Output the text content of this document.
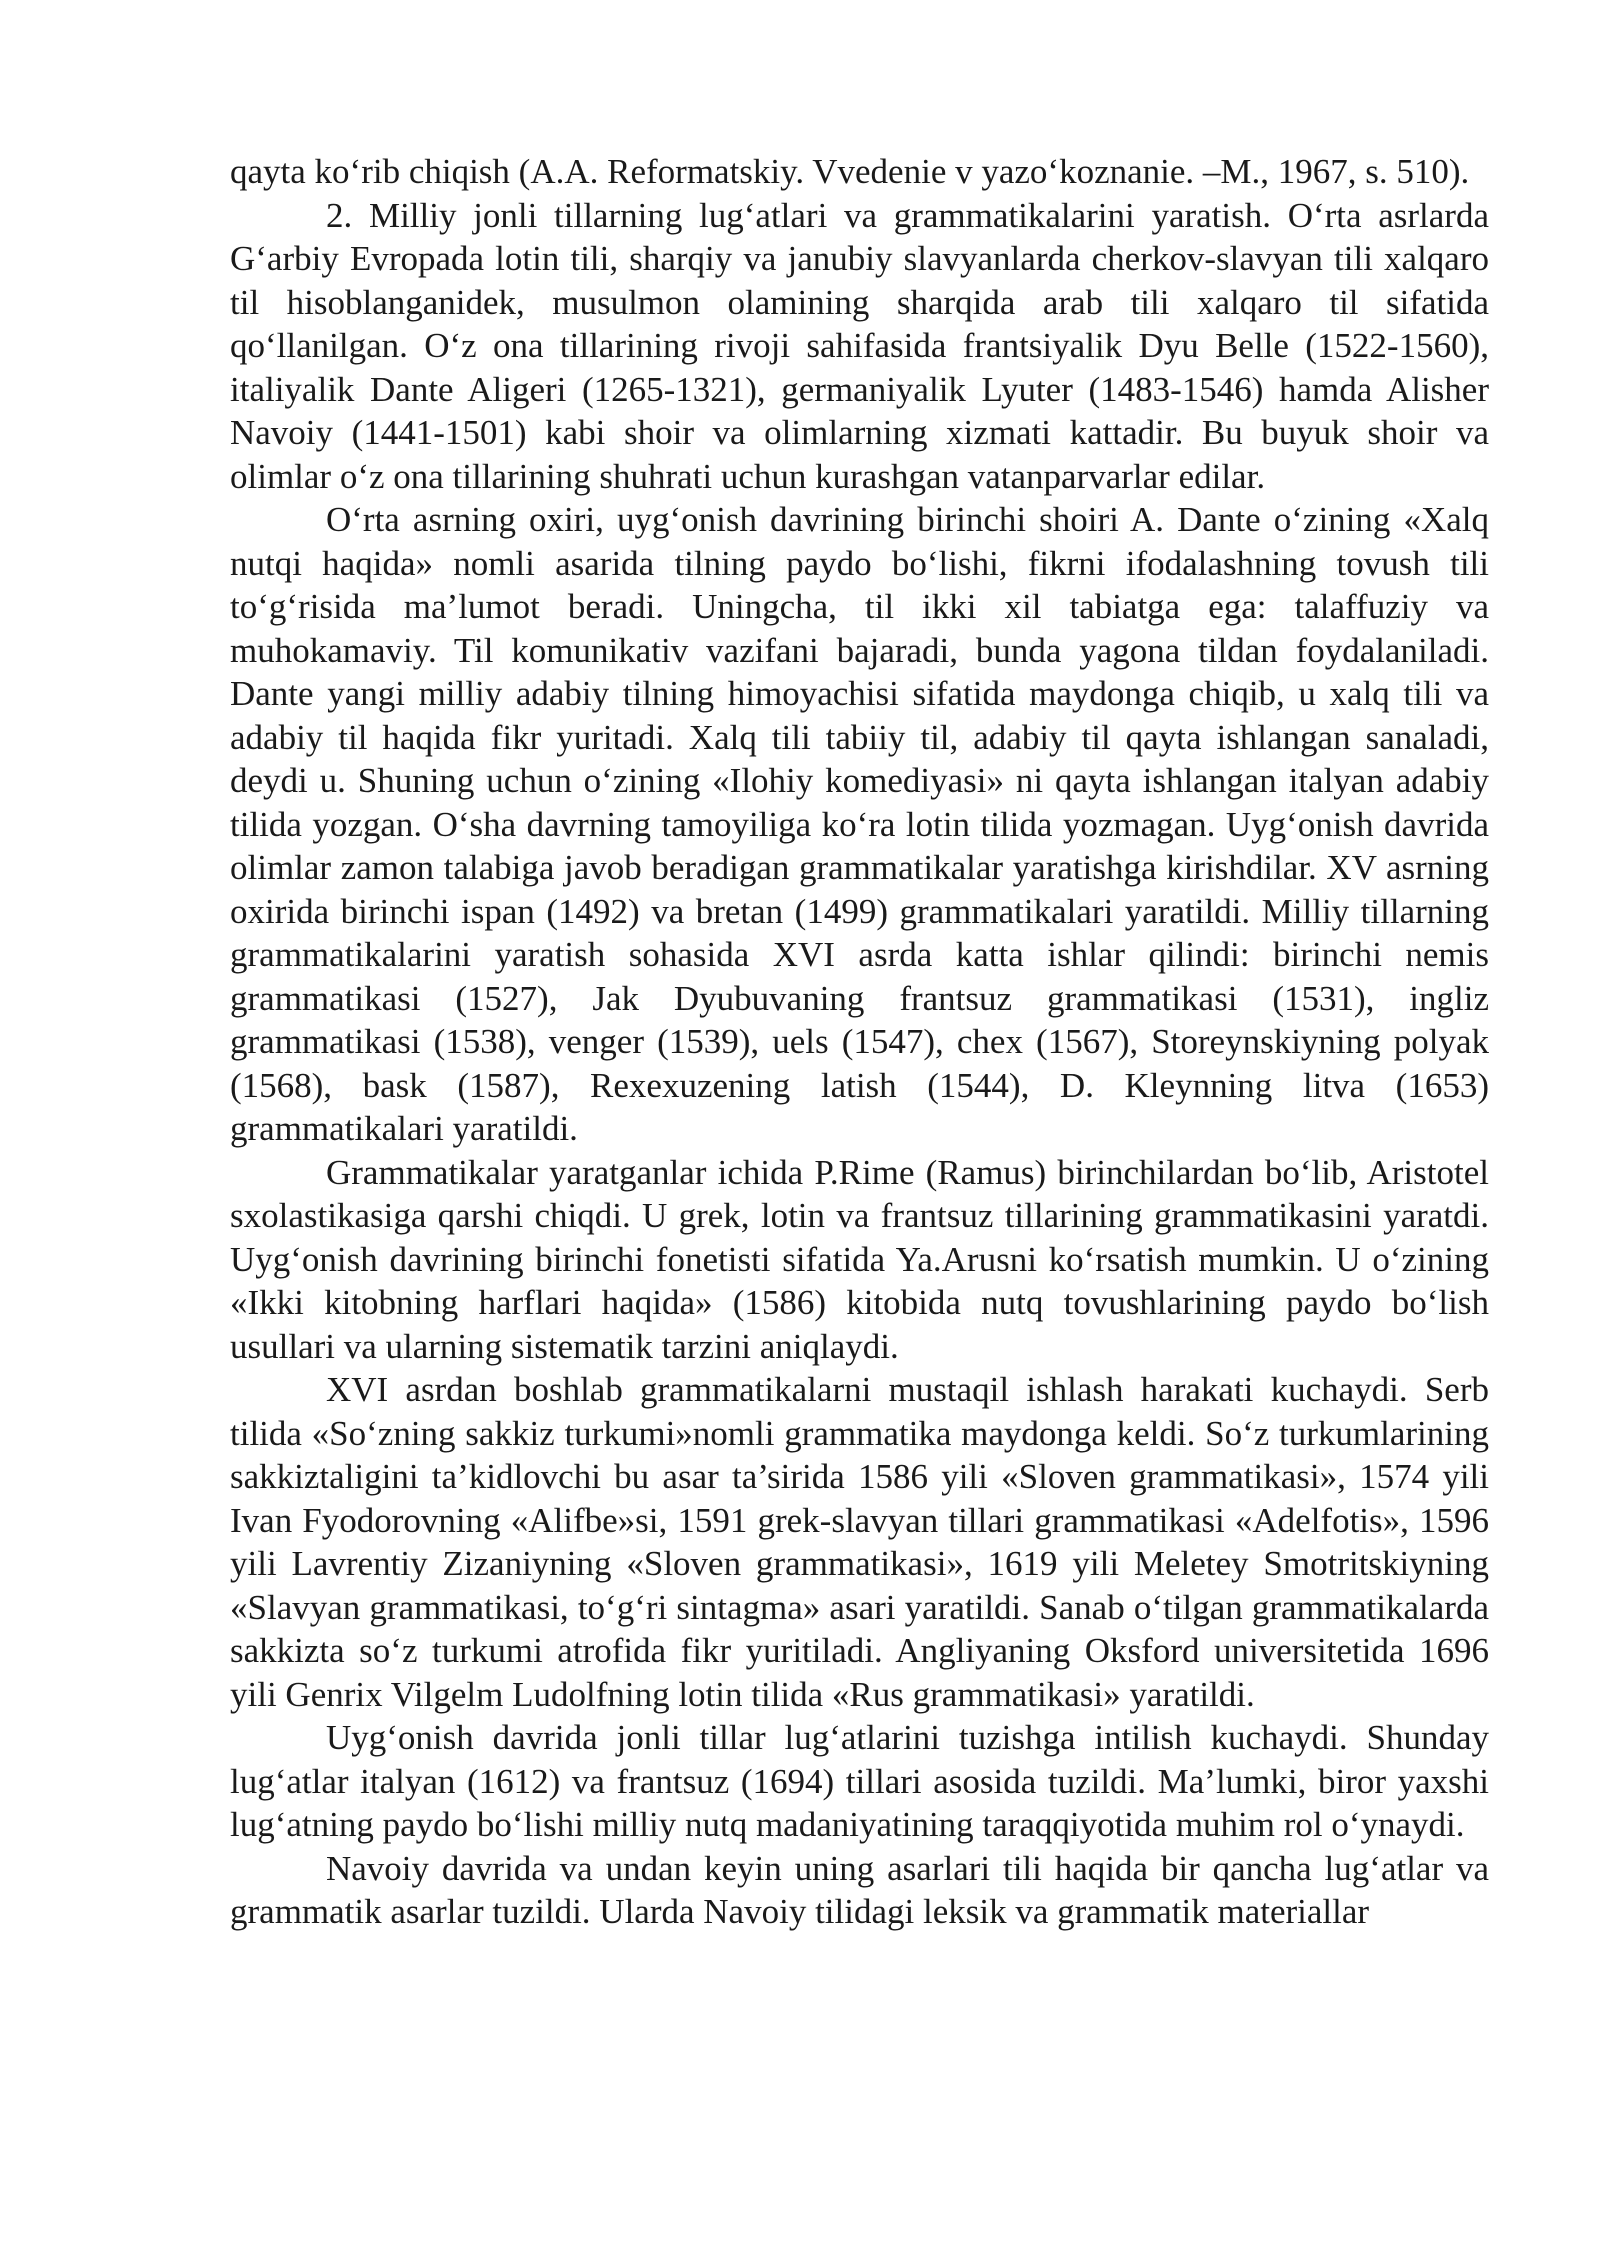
qayta ko‘rib chiqish (A.A. Reformatskiy. Vvedenie v yazo‘koznanie. –M., 1967, s. 510).

2. Milliy jonli tillarning lug‘atlari va grammatikalarini yaratish. O‘rta asrlarda G‘arbiy Evropada lotin tili, sharqiy va janubiy slavyanlarda cherkov-slavyan tili xalqaro til hisoblanganidek, musulmon olamining sharqida arab tili xalqaro til sifatida qo‘llanilgan. O‘z ona tillarining rivoji sahifasida frantsiyalik Dyu Belle (1522-1560), italiyalik Dante Aligeri (1265-1321), germaniyalik Lyuter (1483-1546) hamda Alisher Navoiy (1441-1501) kabi shoir va olimlarning xizmati kattadir. Bu buyuk shoir va olimlar o‘z ona tillarining shuhrati uchun kurashgan vatanparvarlar edilar.

O‘rta asrning oxiri, uyg‘onish davrining birinchi shoiri A. Dante o‘zining «Xalq nutqi haqida» nomli asarida tilning paydo bo‘lishi, fikrni ifodalashning tovush tili to‘g‘risida ma’lumot beradi. Uningcha, til ikki xil tabiatga ega: talaffuziy va muhokamaviy. Til komunikativ vazifani bajaradi, bunda yagona tildan foydalaniladi. Dante yangi milliy adabiy tilning himoyachisi sifatida maydonga chiqib, u xalq tili va adabiy til haqida fikr yuritadi. Xalq tili tabiiy til, adabiy til qayta ishlangan sanaladi, deydi u. Shuning uchun o‘zining «Ilohiy komediyasi» ni qayta ishlangan italyan adabiy tilida yozgan. O‘sha davrning tamoyiliga ko‘ra lotin tilida yozmagan. Uyg‘onish davrida olimlar zamon talabiga javob beradigan grammatikalar yaratishga kirishdilar. XV asrning oxirida birinchi ispan (1492) va bretan (1499) grammatikalari yaratildi. Milliy tillarning grammatikalarini yaratish sohasida XVI asrda katta ishlar qilindi: birinchi nemis grammatikasi (1527), Jak Dyubuvaning frantsuz grammatikasi (1531), ingliz grammatikasi (1538), venger (1539), uels (1547), chex (1567), Storeynskiyning polyak (1568), bask (1587), Rexexuzening latish (1544), D. Kleynning litva (1653) grammatikalari yaratildi.

Grammatikalar yaratganlar ichida P.Rime (Ramus) birinchilardan bo‘lib, Aristotel sxolastikasiga qarshi chiqdi. U grek, lotin va frantsuz tillarining grammatikasini yaratdi. Uyg‘onish davrining birinchi fonetisti sifatida Ya.Arusni ko‘rsatish mumkin. U o‘zining «Ikki kitobning harflari haqida» (1586) kitobida nutq tovushlarining paydo bo‘lish usullari va ularning sistematik tarzini aniqlaydi.

XVI asrdan boshlab grammatikalarni mustaqil ishlash harakati kuchaydi. Serb tilida «So‘zning sakkiz turkumi»nomli grammatika maydonga keldi. So‘z turkumlarining sakkiztaligini ta’kidlovchi bu asar ta’sirida 1586 yili «Sloven grammatikasi», 1574 yili Ivan Fyodorovning «Alifbe»si, 1591 grek-slavyan tillari grammatikasi «Adelfotis», 1596 yili Lavrentiy Zizaniyning «Sloven grammatikasi», 1619 yili Meletey Smotritskiyning «Slavyan grammatikasi, to‘g‘ri sintagma» asari yaratildi. Sanab o‘tilgan grammatikalarda sakkizta so‘z turkumi atrofida fikr yuritiladi. Angliyaning Oksford universitetida 1696 yili Genrix Vilgelm Ludolfning lotin tilida «Rus grammatikasi» yaratildi.

Uyg‘onish davrida jonli tillar lug‘atlarini tuzishga intilish kuchaydi. Shunday lug‘atlar italyan (1612) va frantsuz (1694) tillari asosida tuzildi. Ma’lumki, biror yaxshi lug‘atning paydo bo‘lishi milliy nutq madaniyatining taraqqiyotida muhim rol o‘ynaydi.

Navoiy davrida va undan keyin uning asarlari tili haqida bir qancha lug‘atlar va grammatik asarlar tuzildi. Ularda Navoiy tilidagi leksik va grammatik materiallar
